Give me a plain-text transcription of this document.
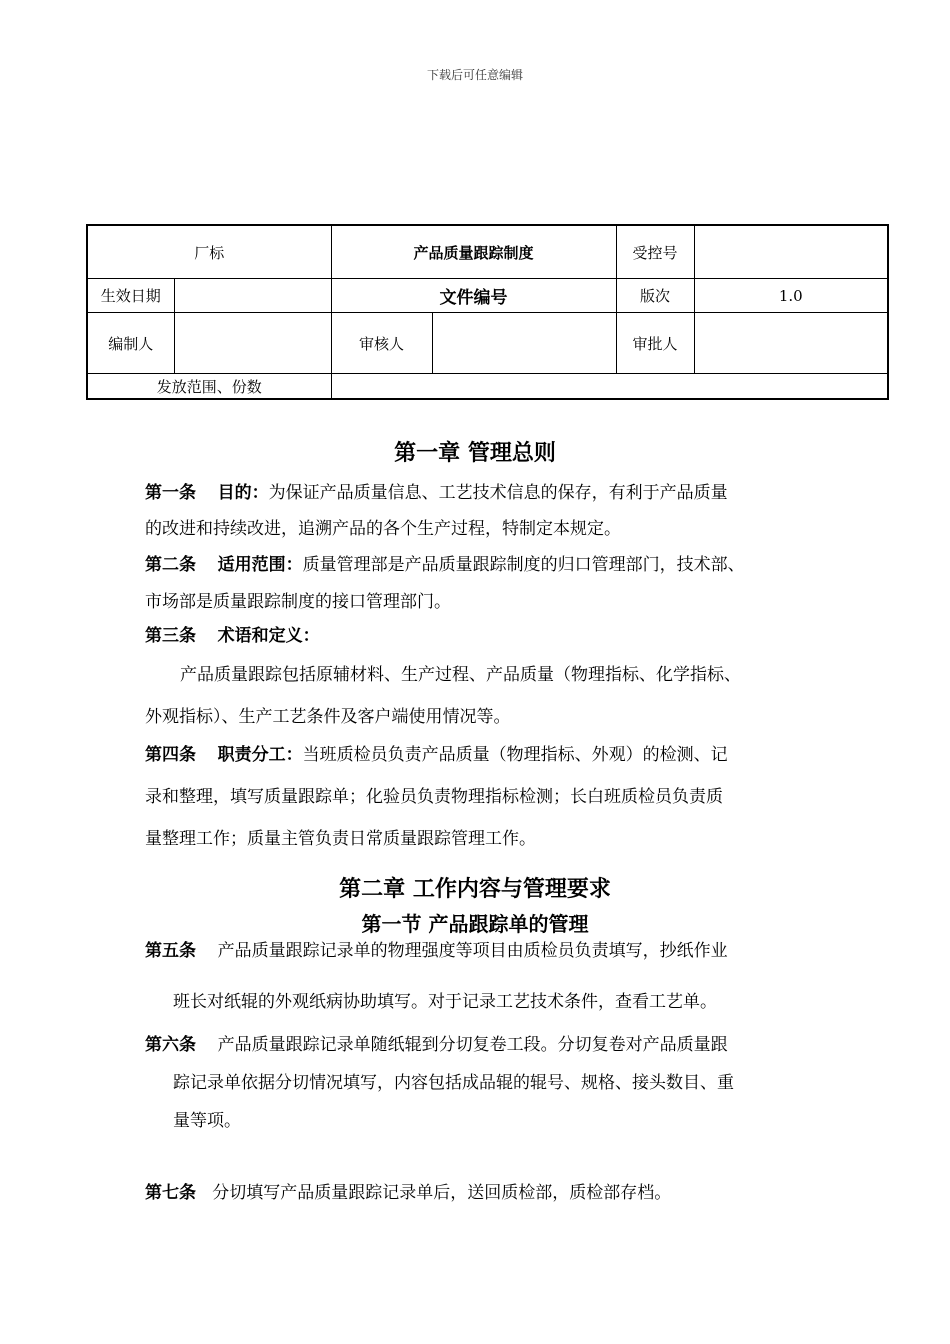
下载后可任意编辑
厂标		产品质量跟踪制度		受控号	
生效日期		文件编号		版次	1.0
编制人		审核人		审批人	
发放范围、份数					
第一章 管理总则
第一条 目的：为保证产品质量信息、工艺技术信息的保存，有利于产品质量
的改进和持续改进，追溯产品的各个生产过程，特制定本规定。
第二条 适用范围：质量管理部是产品质量跟踪制度的归口管理部门，技术部、
市场部是质量跟踪制度的接口管理部门。
第三条 术语和定义：
产品质量跟踪包括原辅材料、生产过程、产品质量（物理指标、化学指标、
外观指标）、生产工艺条件及客户端使用情况等。
第四条 职责分工：当班质检员负责产品质量（物理指标、外观）的检测、记
录和整理，填写质量跟踪单；化验员负责物理指标检测；长白班质检员负责质
量整理工作；质量主管负责日常质量跟踪管理工作。
第二章 工作内容与管理要求
第一节 产品跟踪单的管理
第五条 产品质量跟踪记录单的物理强度等项目由质检员负责填写，抄纸作业
班长对纸辊的外观纸病协助填写。对于记录工艺技术条件，查看工艺单。
第六条 产品质量跟踪记录单随纸辊到分切复卷工段。分切复卷对产品质量跟
踪记录单依据分切情况填写，内容包括成品辊的辊号、规格、接头数目、重
量等项。
第七条 分切填写产品质量跟踪记录单后，送回质检部，质检部存档。
